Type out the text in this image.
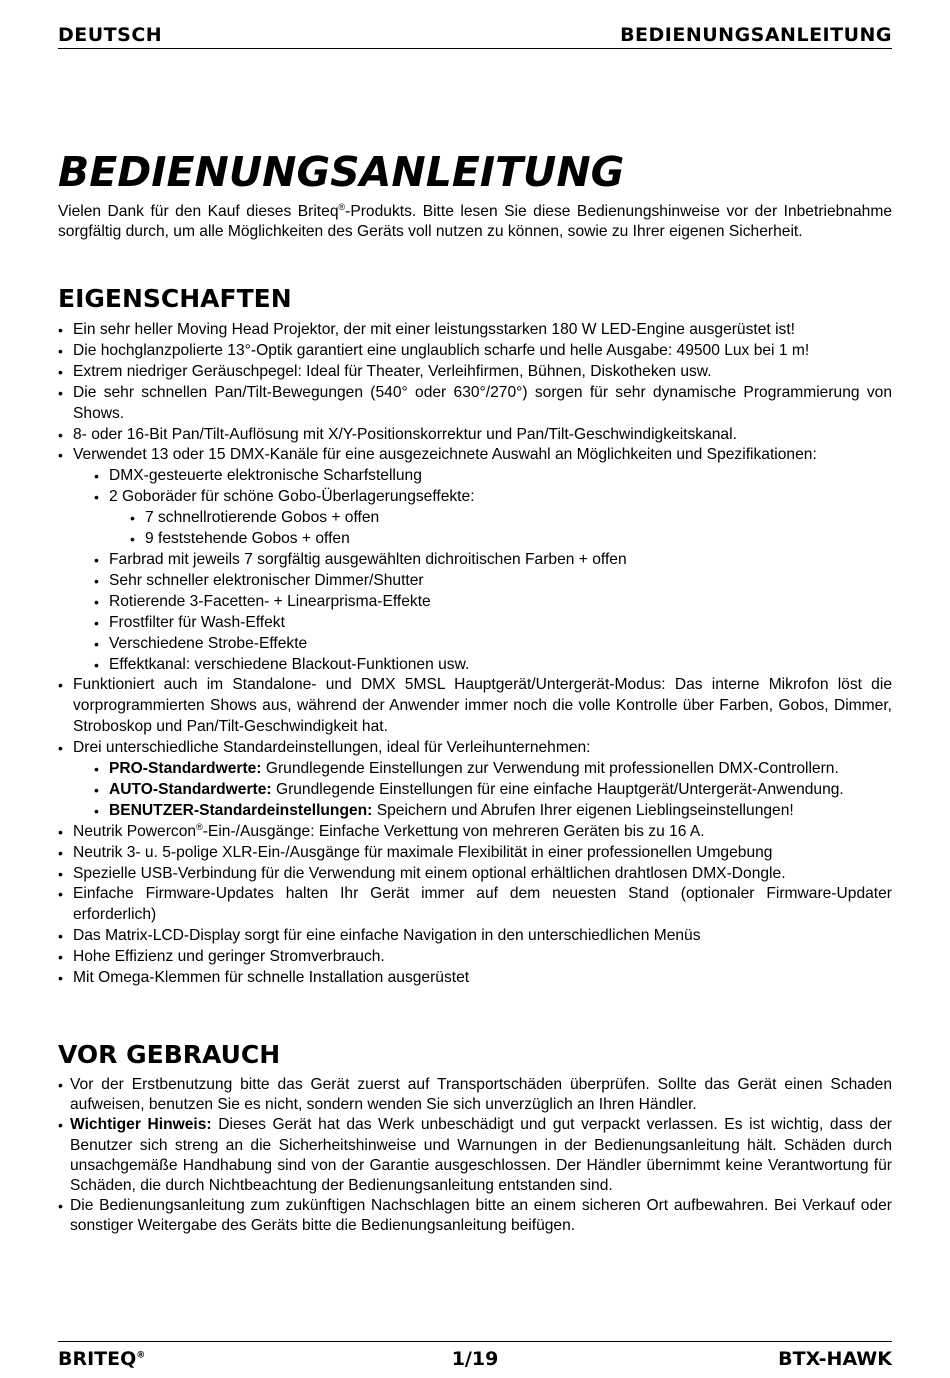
DEUTSCH	BEDIENUNGSANLEITUNG
BEDIENUNGSANLEITUNG

Vielen Dank für den Kauf dieses Briteq®-Produkts. Bitte lesen Sie diese Bedienungshinweise vor der Inbetriebnahme sorgfältig durch, um alle Möglichkeiten des Geräts voll nutzen zu können, sowie zu Ihrer eigenen Sicherheit.

EIGENSCHAFTEN
• Ein sehr heller Moving Head Projektor, der mit einer leistungsstarken 180 W LED-Engine ausgerüstet ist!
• Die hochglanzpolierte 13°-Optik garantiert eine unglaublich scharfe und helle Ausgabe: 49500 Lux bei 1 m!
• Extrem niedriger Geräuschpegel: Ideal für Theater, Verleihfirmen, Bühnen, Diskotheken usw.
• Die sehr schnellen Pan/Tilt-Bewegungen (540° oder 630°/270°) sorgen für sehr dynamische Programmierung von Shows.
• 8- oder 16-Bit Pan/Tilt-Auflösung mit X/Y-Positionskorrektur und Pan/Tilt-Geschwindigkeitskanal.
• Verwendet 13 oder 15 DMX-Kanäle für eine ausgezeichnete Auswahl an Möglichkeiten und Spezifikationen:
• DMX-gesteuerte elektronische Scharfstellung
• 2 Goboräder für schöne Gobo-Überlagerungseffekte:
• 7 schnellrotierende Gobos + offen
• 9 feststehende Gobos + offen
• Farbrad mit jeweils 7 sorgfältig ausgewählten dichroitischen Farben + offen
• Sehr schneller elektronischer Dimmer/Shutter
• Rotierende 3-Facetten- + Linearprisma-Effekte
• Frostfilter für Wash-Effekt
• Verschiedene Strobe-Effekte
• Effektkanal: verschiedene Blackout-Funktionen usw.
• Funktioniert auch im Standalone- und DMX 5MSL Hauptgerät/Untergerät-Modus: Das interne Mikrofon löst die vorprogrammierten Shows aus, während der Anwender immer noch die volle Kontrolle über Farben, Gobos, Dimmer, Stroboskop und Pan/Tilt-Geschwindigkeit hat.
• Drei unterschiedliche Standardeinstellungen, ideal für Verleihunternehmen:
• PRO-Standardwerte: Grundlegende Einstellungen zur Verwendung mit professionellen DMX-Controllern.
• AUTO-Standardwerte: Grundlegende Einstellungen für eine einfache Hauptgerät/Untergerät-Anwendung.
• BENUTZER-Standardeinstellungen: Speichern und Abrufen Ihrer eigenen Lieblingseinstellungen!
• Neutrik Powercon®-Ein-/Ausgänge: Einfache Verkettung von mehreren Geräten bis zu 16 A.
• Neutrik 3- u. 5-polige XLR-Ein-/Ausgänge für maximale Flexibilität in einer professionellen Umgebung
• Spezielle USB-Verbindung für die Verwendung mit einem optional erhältlichen drahtlosen DMX-Dongle.
• Einfache Firmware-Updates halten Ihr Gerät immer auf dem neuesten Stand (optionaler Firmware-Updater erforderlich)
• Das Matrix-LCD-Display sorgt für eine einfache Navigation in den unterschiedlichen Menüs
• Hohe Effizienz und geringer Stromverbrauch.
• Mit Omega-Klemmen für schnelle Installation ausgerüstet
VOR GEBRAUCH
• Vor der Erstbenutzung bitte das Gerät zuerst auf Transportschäden überprüfen. Sollte das Gerät einen Schaden aufweisen, benutzen Sie es nicht, sondern wenden Sie sich unverzüglich an Ihren Händler.
• Wichtiger Hinweis: Dieses Gerät hat das Werk unbeschädigt und gut verpackt verlassen. Es ist wichtig, dass der Benutzer sich streng an die Sicherheitshinweise und Warnungen in der Bedienungsanleitung hält. Schäden durch unsachgemäße Handhabung sind von der Garantie ausgeschlossen. Der Händler übernimmt keine Verantwortung für Schäden, die durch Nichtbeachtung der Bedienungsanleitung entstanden sind.
• Die Bedienungsanleitung zum zukünftigen Nachschlagen bitte an einem sicheren Ort aufbewahren. Bei Verkauf oder sonstiger Weitergabe des Geräts bitte die Bedienungsanleitung beifügen.
BRITEQ®	1/19	BTX-HAWK
